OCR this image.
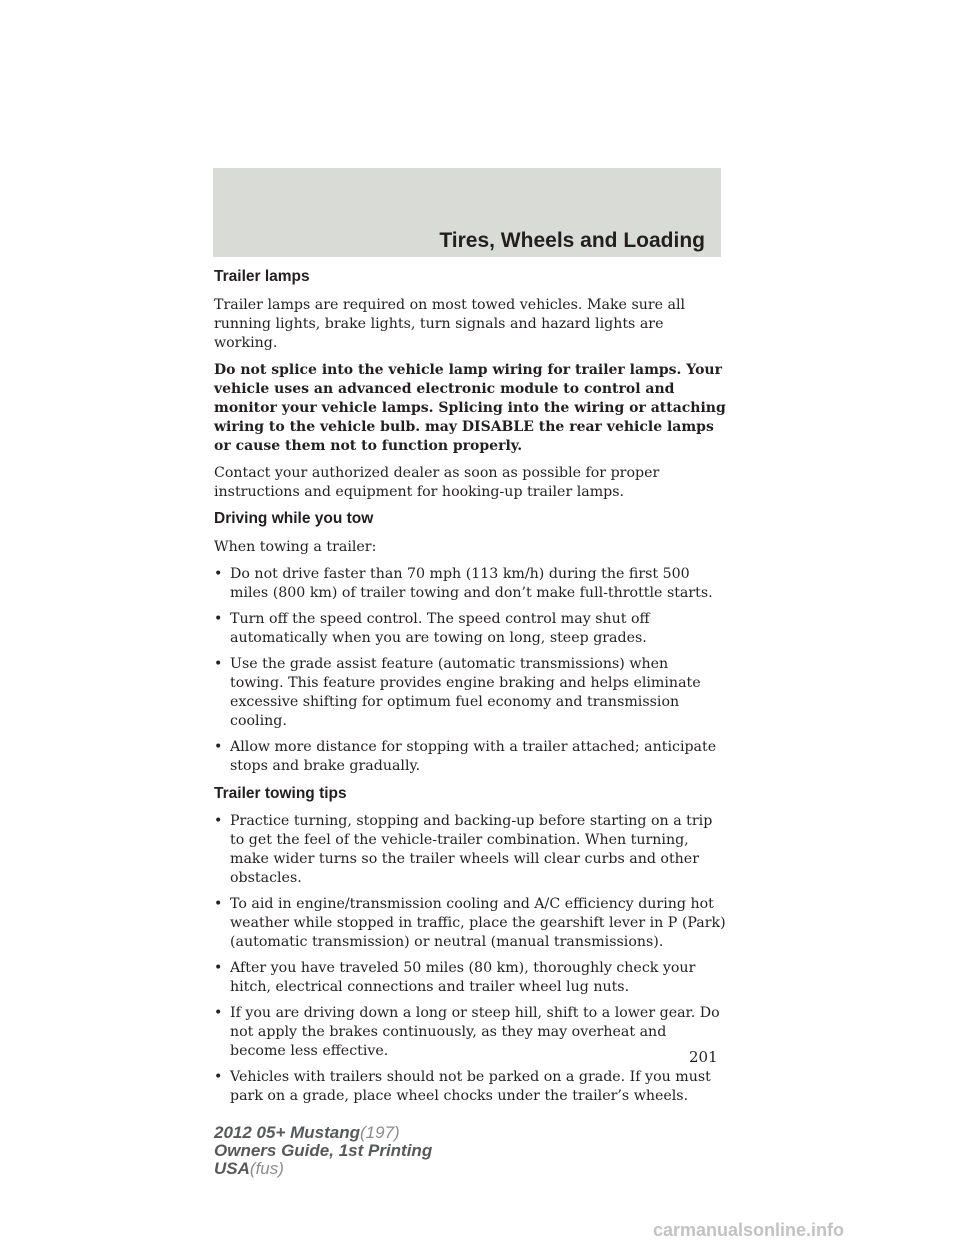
Tires, Wheels and Loading
Trailer lamps

Trailer lamps are required on most towed vehicles. Make sure all running lights, brake lights, turn signals and hazard lights are working.

Do not splice into the vehicle lamp wiring for trailer lamps. Your vehicle uses an advanced electronic module to control and monitor your vehicle lamps. Splicing into the wiring or attaching wiring to the vehicle bulb. may DISABLE the rear vehicle lamps or cause them not to function properly.

Contact your authorized dealer as soon as possible for proper instructions and equipment for hooking-up trailer lamps.

Driving while you tow

When towing a trailer:

• Do not drive faster than 70 mph (113 km/h) during the first 500 miles (800 km) of trailer towing and don’t make full-throttle starts.
• Turn off the speed control. The speed control may shut off automatically when you are towing on long, steep grades.
• Use the grade assist feature (automatic transmissions) when towing. This feature provides engine braking and helps eliminate excessive shifting for optimum fuel economy and transmission cooling.
• Allow more distance for stopping with a trailer attached; anticipate stops and brake gradually.
Trailer towing tips
• Practice turning, stopping and backing-up before starting on a trip to get the feel of the vehicle-trailer combination. When turning, make wider turns so the trailer wheels will clear curbs and other obstacles.
• To aid in engine/transmission cooling and A/C efficiency during hot weather while stopped in traffic, place the gearshift lever in P (Park) (automatic transmission) or neutral (manual transmissions).
• After you have traveled 50 miles (80 km), thoroughly check your hitch, electrical connections and trailer wheel lug nuts.
• If you are driving down a long or steep hill, shift to a lower gear. Do not apply the brakes continuously, as they may overheat and become less effective.
• Vehicles with trailers should not be parked on a grade. If you must park on a grade, place wheel chocks under the trailer’s wheels.
201
2012 05+ Mustang(197)
Owners Guide, 1st Printing
USA(fus)
carmanualsonline.info
